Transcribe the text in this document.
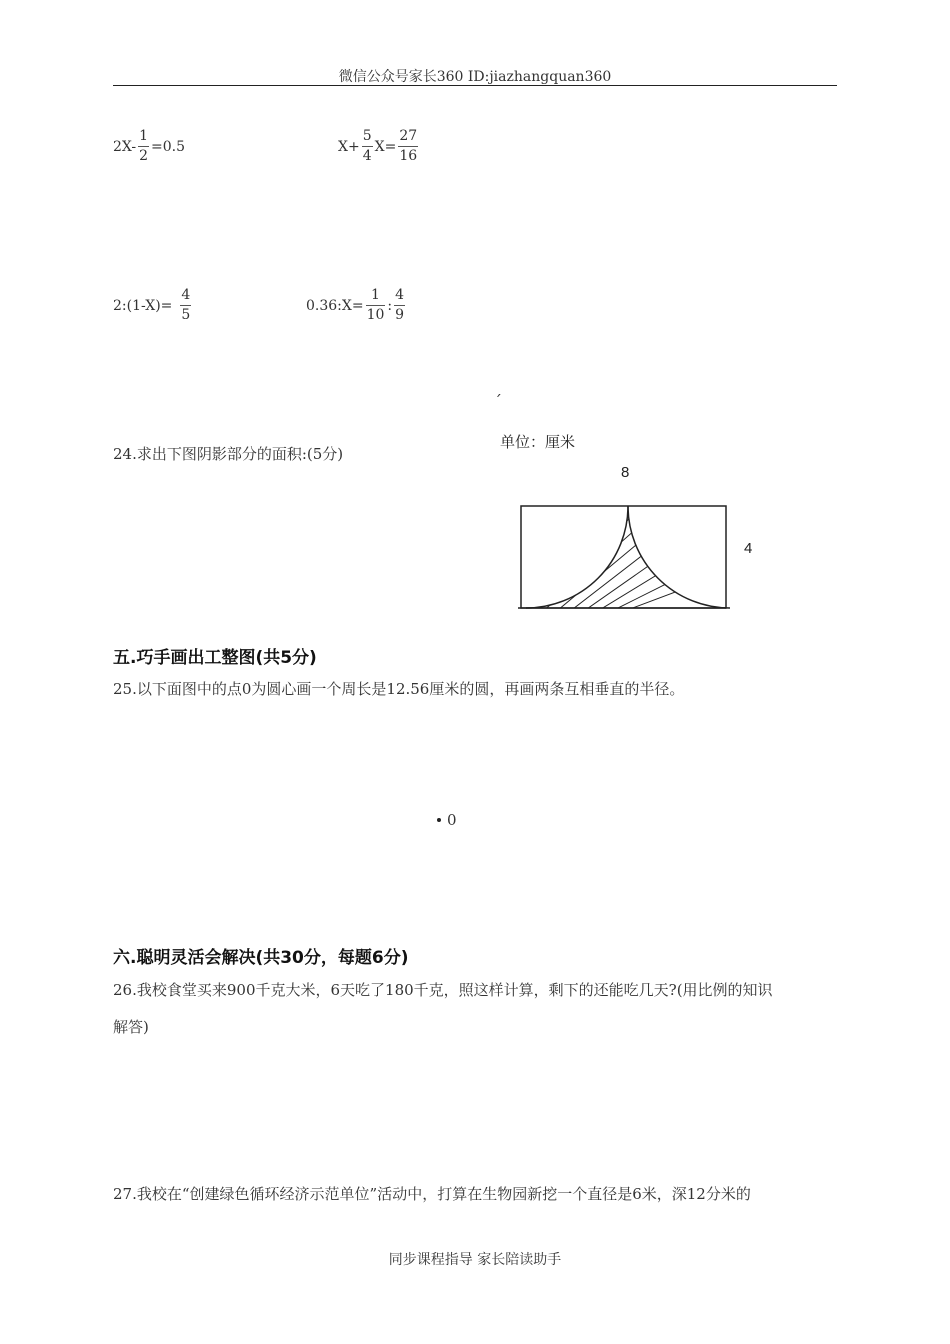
微信公众号家长360 ID:jiazhangquan360
$2X- \frac{1}{2} =0.5$	$X+ \frac{5}{4} X= \frac{27}{16}$
2:(1-X)= $\frac{4}{5}$	0.36:X= $\frac{1}{10}$ : $\frac{4}{9}$
ˊ
24.求出下图阴影部分的面积:(5分)
单位：厘米
8
4
五.巧手画出工整图(共5分)
25.以下面图中的点0为圆心画一个周长是12.56厘米的圆，再画两条互相垂直的半径。
0
六.聪明灵活会解决(共30分，每题6分)
26.我校食堂买来900千克大米，6天吃了180千克，照这样计算，剩下的还能吃几天?(用比例的知识
解答)
27.我校在“创建绿色循环经济示范单位”活动中，打算在生物园新挖一个直径是6米，深12分米的
同步课程指导 家长陪读助手
